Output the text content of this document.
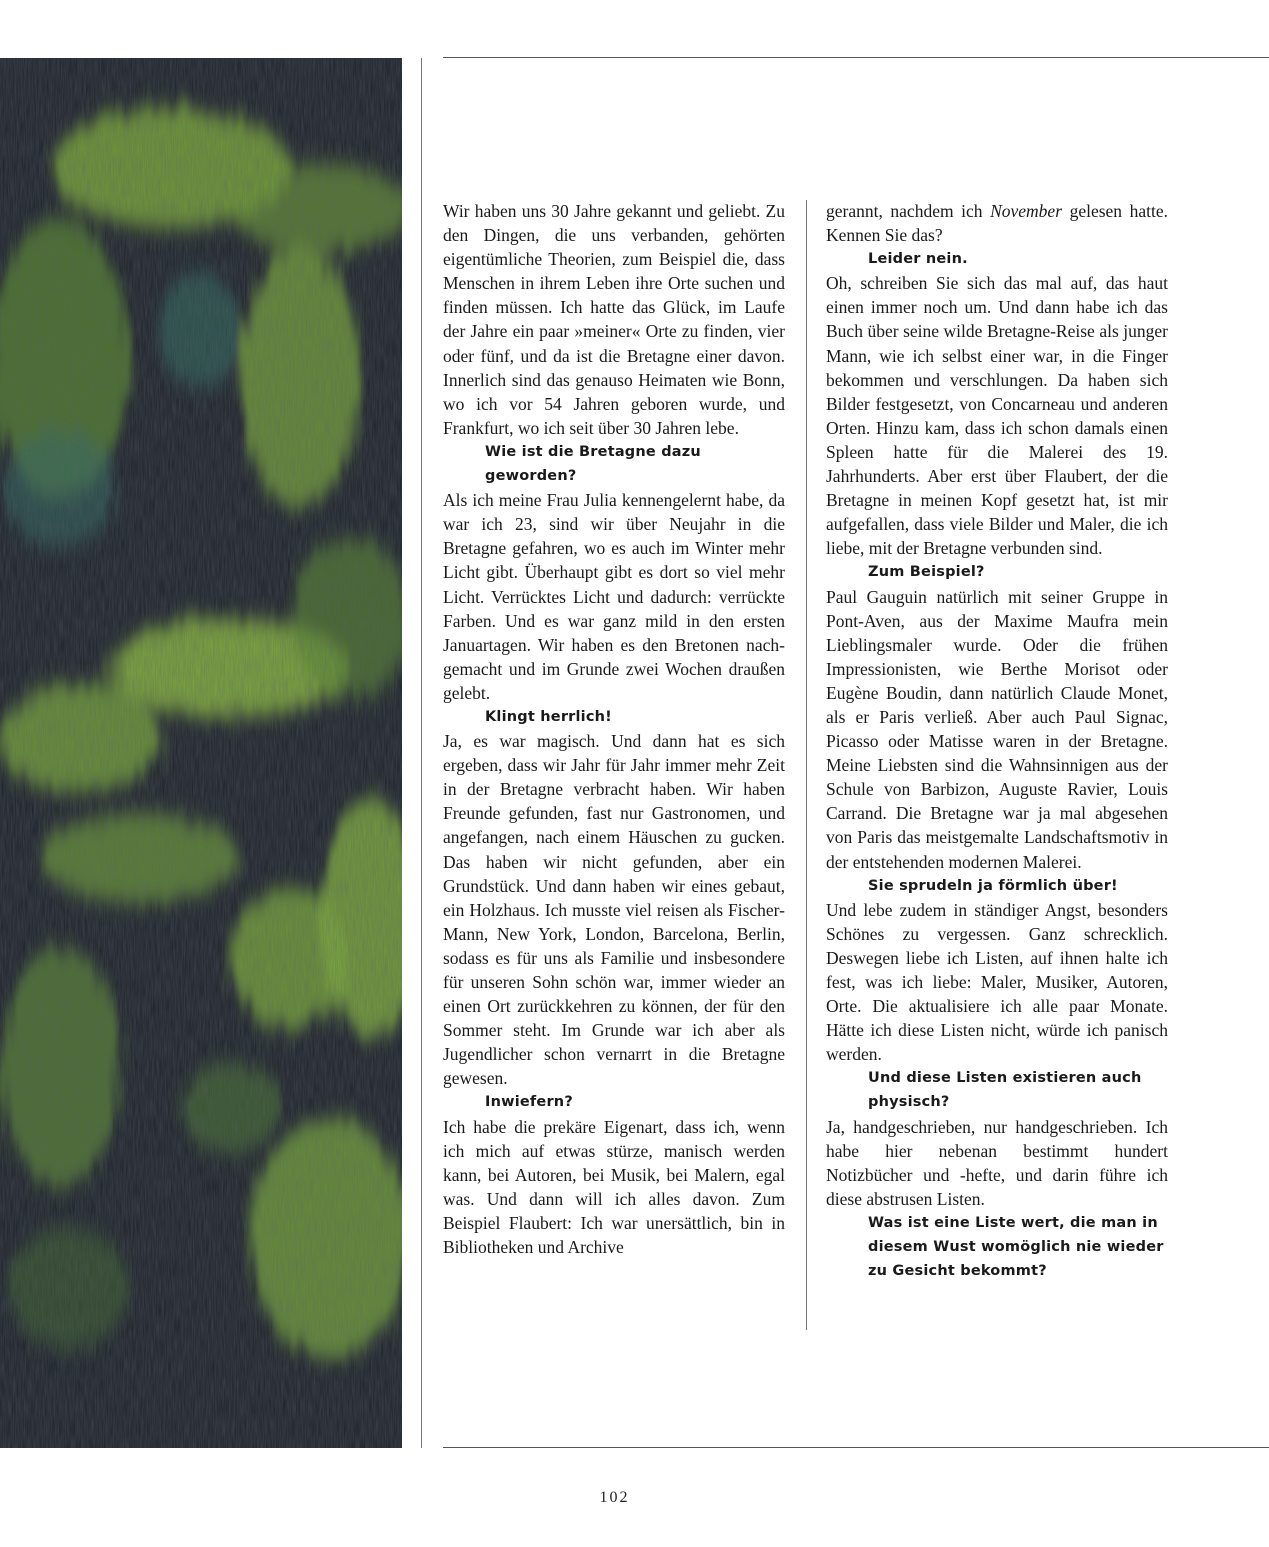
Wir haben uns 30 Jahre gekannt und geliebt. Zu den Dingen, die uns verbanden, gehörten eigentümliche Theorien, zum Beispiel die, dass Menschen in ihrem Leben ihre Orte suchen und finden müssen. Ich hatte das Glück, im Laufe der Jahre ein paar »meiner« Orte zu finden, vier oder fünf, und da ist die Bretagne einer davon. Innerlich sind das genauso Heimaten wie Bonn, wo ich vor 54 Jahren geboren wurde, und Frankfurt, wo ich seit über 30 Jahren lebe.

Wie ist die Bretagne dazu geworden?

Als ich meine Frau Julia kennengelernt habe, da war ich 23, sind wir über Neujahr in die Bretagne gefahren, wo es auch im Winter mehr Licht gibt. Überhaupt gibt es dort so viel mehr Licht. Verrücktes Licht und dadurch: verrückte Farben. Und es war ganz mild in den ersten Januartagen. Wir haben es den Bretonen nachgemacht und im Grunde zwei Wochen draußen gelebt.

Klingt herrlich!

Ja, es war magisch. Und dann hat es sich ergeben, dass wir Jahr für Jahr immer mehr Zeit in der Bretagne verbracht haben. Wir haben Freunde gefunden, fast nur Gastronomen, und angefangen, nach einem Häuschen zu gucken. Das haben wir nicht gefunden, aber ein Grundstück. Und dann haben wir eines gebaut, ein Holzhaus. Ich musste viel reisen als Fischer-Mann, New York, London, Barcelona, Berlin, sodass es für uns als Familie und insbesondere für unseren Sohn schön war, immer wieder an einen Ort zurückkehren zu können, der für den Sommer steht. Im Grunde war ich aber als Jugendlicher schon vernarrt in die Bretagne gewesen.

Inwiefern?

Ich habe die prekäre Eigenart, dass ich, wenn ich mich auf etwas stürze, manisch werden kann, bei Autoren, bei Musik, bei Malern, egal was. Und dann will ich alles davon. Zum Beispiel Flaubert: Ich war unersättlich, bin in Bibliotheken und Archive

gerannt, nachdem ich November gelesen hatte. Kennen Sie das?

Leider nein.

Oh, schreiben Sie sich das mal auf, das haut einen immer noch um. Und dann habe ich das Buch über seine wilde Bretagne-Reise als junger Mann, wie ich selbst einer war, in die Finger bekommen und verschlungen. Da haben sich Bilder festgesetzt, von Concarneau und anderen Orten. Hinzu kam, dass ich schon damals einen Spleen hatte für die Malerei des 19. Jahrhunderts. Aber erst über Flaubert, der die Bretagne in meinen Kopf gesetzt hat, ist mir aufgefallen, dass viele Bilder und Maler, die ich liebe, mit der Bretagne verbunden sind.

Zum Beispiel?

Paul Gauguin natürlich mit seiner Gruppe in Pont-Aven, aus der Maxime Maufra mein Lieblingsmaler wurde. Oder die frühen Impressionisten, wie Berthe Morisot oder Eugène Boudin, dann natürlich Claude Monet, als er Paris verließ. Aber auch Paul Signac, Picasso oder Matisse waren in der Bretagne. Meine Liebsten sind die Wahnsinnigen aus der Schule von Barbizon, Auguste Ravier, Louis Carrand. Die Bretagne war ja mal abgesehen von Paris das meistgemalte Landschaftsmotiv in der entstehenden modernen Malerei.

Sie sprudeln ja förmlich über!

Und lebe zudem in ständiger Angst, besonders Schönes zu vergessen. Ganz schrecklich. Deswegen liebe ich Listen, auf ihnen halte ich fest, was ich liebe: Maler, Musiker, Autoren, Orte. Die aktualisiere ich alle paar Monate. Hätte ich diese Listen nicht, würde ich panisch werden.

Und diese Listen existieren auch physisch?

Ja, handgeschrieben, nur handgeschrieben. Ich habe hier nebenan bestimmt hundert Notizbücher und -hefte, und darin führe ich diese abstrusen Listen.

Was ist eine Liste wert, die man in diesem Wust womöglich nie wieder zu Gesicht bekommt?

102
